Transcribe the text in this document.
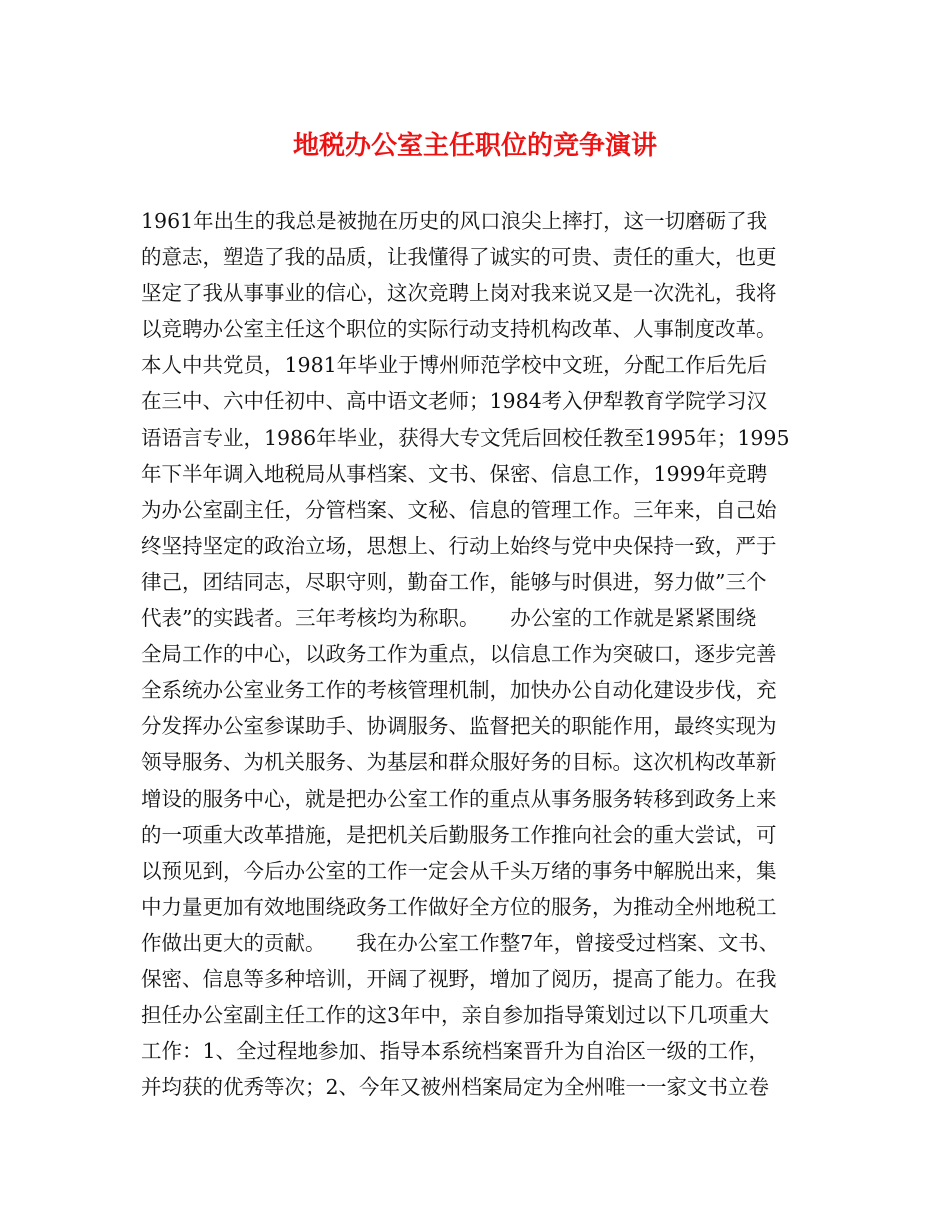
地税办公室主任职位的竞争演讲

1961年出生的我总是被抛在历史的风口浪尖上摔打，这一切磨砺了我

的意志，塑造了我的品质，让我懂得了诚实的可贵、责任的重大，也更

坚定了我从事事业的信心，这次竞聘上岗对我来说又是一次洗礼，我将

以竞聘办公室主任这个职位的实际行动支持机构改革、人事制度改革。

本人中共党员，1981年毕业于博州师范学校中文班，分配工作后先后

在三中、六中任初中、高中语文老师；1984考入伊犁教育学院学习汉

语语言专业，1986年毕业，获得大专文凭后回校任教至1995年；1995

年下半年调入地税局从事档案、文书、保密、信息工作，1999年竞聘

为办公室副主任，分管档案、文秘、信息的管理工作。三年来，自己始

终坚持坚定的政治立场，思想上、行动上始终与党中央保持一致，严于

律己，团结同志，尽职守则，勤奋工作，能够与时俱进，努力做”三个

代表”的实践者。三年考核均为称职。　　办公室的工作就是紧紧围绕

全局工作的中心，以政务工作为重点，以信息工作为突破口，逐步完善

全系统办公室业务工作的考核管理机制，加快办公自动化建设步伐，充

分发挥办公室参谋助手、协调服务、监督把关的职能作用，最终实现为

领导服务、为机关服务、为基层和群众服好务的目标。这次机构改革新

增设的服务中心，就是把办公室工作的重点从事务服务转移到政务上来

的一项重大改革措施，是把机关后勤服务工作推向社会的重大尝试，可

以预见到，今后办公室的工作一定会从千头万绪的事务中解脱出来，集

中力量更加有效地围绕政务工作做好全方位的服务，为推动全州地税工

作做出更大的贡献。　　我在办公室工作整7年，曾接受过档案、文书、

保密、信息等多种培训，开阔了视野，增加了阅历，提高了能力。在我

担任办公室副主任工作的这3年中，亲自参加指导策划过以下几项重大

工作：1、全过程地参加、指导本系统档案晋升为自治区一级的工作，

并均获的优秀等次；2、今年又被州档案局定为全州唯一一家文书立卷
